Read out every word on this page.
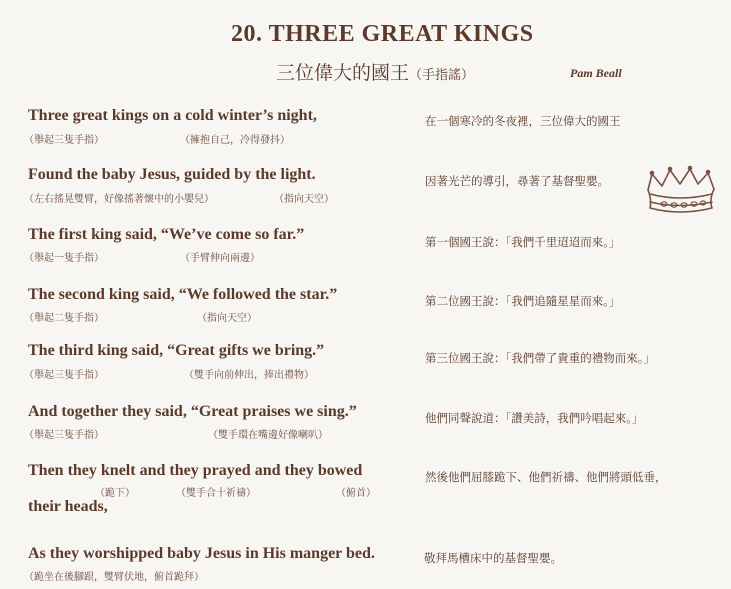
20. THREE GREAT KINGS
三位偉大的國王（手指謠）	Pam Beall
Three great kings on a cold winter’s night,
（舉起三隻手指）	（擁抱自己，冷得發抖）
在一個寒冷的冬夜裡，三位偉大的國王
Found the baby Jesus, guided by the light.
（左右搖晃雙臂，好像搖著懷中的小嬰兒）	（指向天空）
因著光芒的導引，尋著了基督聖嬰。
The first king said, “We’ve come so far.”
（舉起一隻手指）	（手臂伸向兩邊）
第一個國王說：「我們千里迢迢而來。」
The second king said, “We followed the star.”
（舉起二隻手指）	（指向天空）
第二位國王說：「我們追隨星星而來。」
The third king said, “Great gifts we bring.”
（舉起三隻手指）	（雙手向前伸出，捧出禮物）
第三位國王說：「我們帶了貴重的禮物而來。」
And together they said, “Great praises we sing.”
（舉起三隻手指）	（雙手環在嘴邊好像喇叭）
他們同聲說道：「讚美詩，我們吟唱起來。」
Then they knelt and they prayed and they bowed
（跪下）	（雙手合十祈禱）	（俯首）
their heads,
然後他們屈膝跪下、他們祈禱、他們將頭低垂，
As they worshipped baby Jesus in His manger bed.
（跪坐在後腳跟，雙臂伏地，俯首跪拜）
敬拜馬槽床中的基督聖嬰。
